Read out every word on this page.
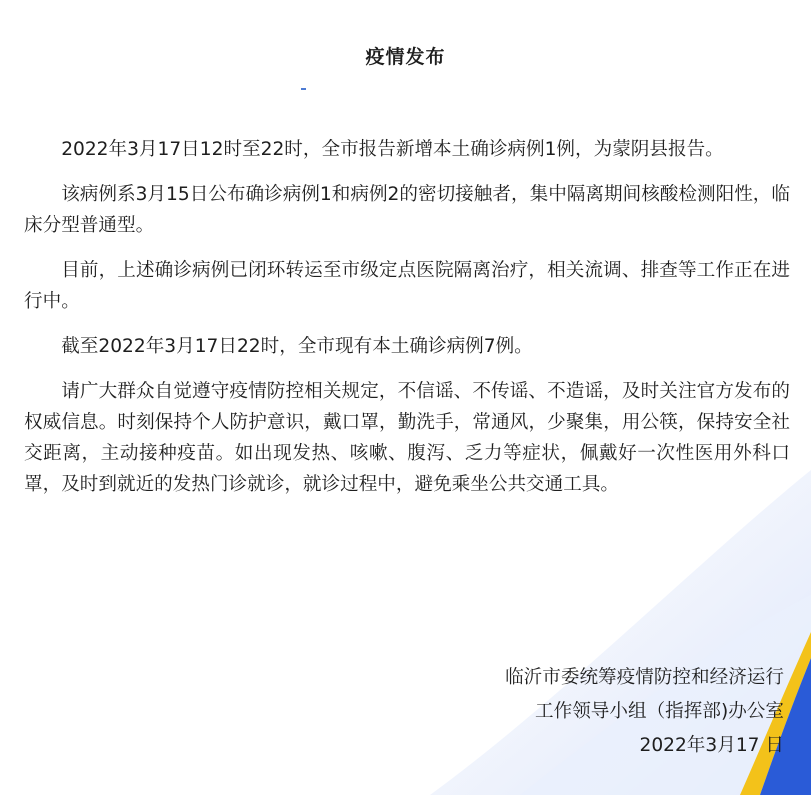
疫情发布

2022年3月17日12时至22时，全市报告新增本土确诊病例1例，为蒙阴县报告。

该病例系3月15日公布确诊病例1和病例2的密切接触者，集中隔离期间核酸检测阳性，临床分型普通型。

目前，上述确诊病例已闭环转运至市级定点医院隔离治疗，相关流调、排查等工作正在进行中。

截至2022年3月17日22时，全市现有本土确诊病例7例。

请广大群众自觉遵守疫情防控相关规定，不信谣、不传谣、不造谣，及时关注官方发布的权威信息。时刻保持个人防护意识，戴口罩，勤洗手，常通风，少聚集，用公筷，保持安全社交距离，主动接种疫苗。如出现发热、咳嗽、腹泻、乏力等症状，佩戴好一次性医用外科口罩，及时到就近的发热门诊就诊，就诊过程中，避免乘坐公共交通工具。

临沂市委统筹疫情防控和经济运行
工作领导小组（指挥部)办公室
2022年3月17 日
